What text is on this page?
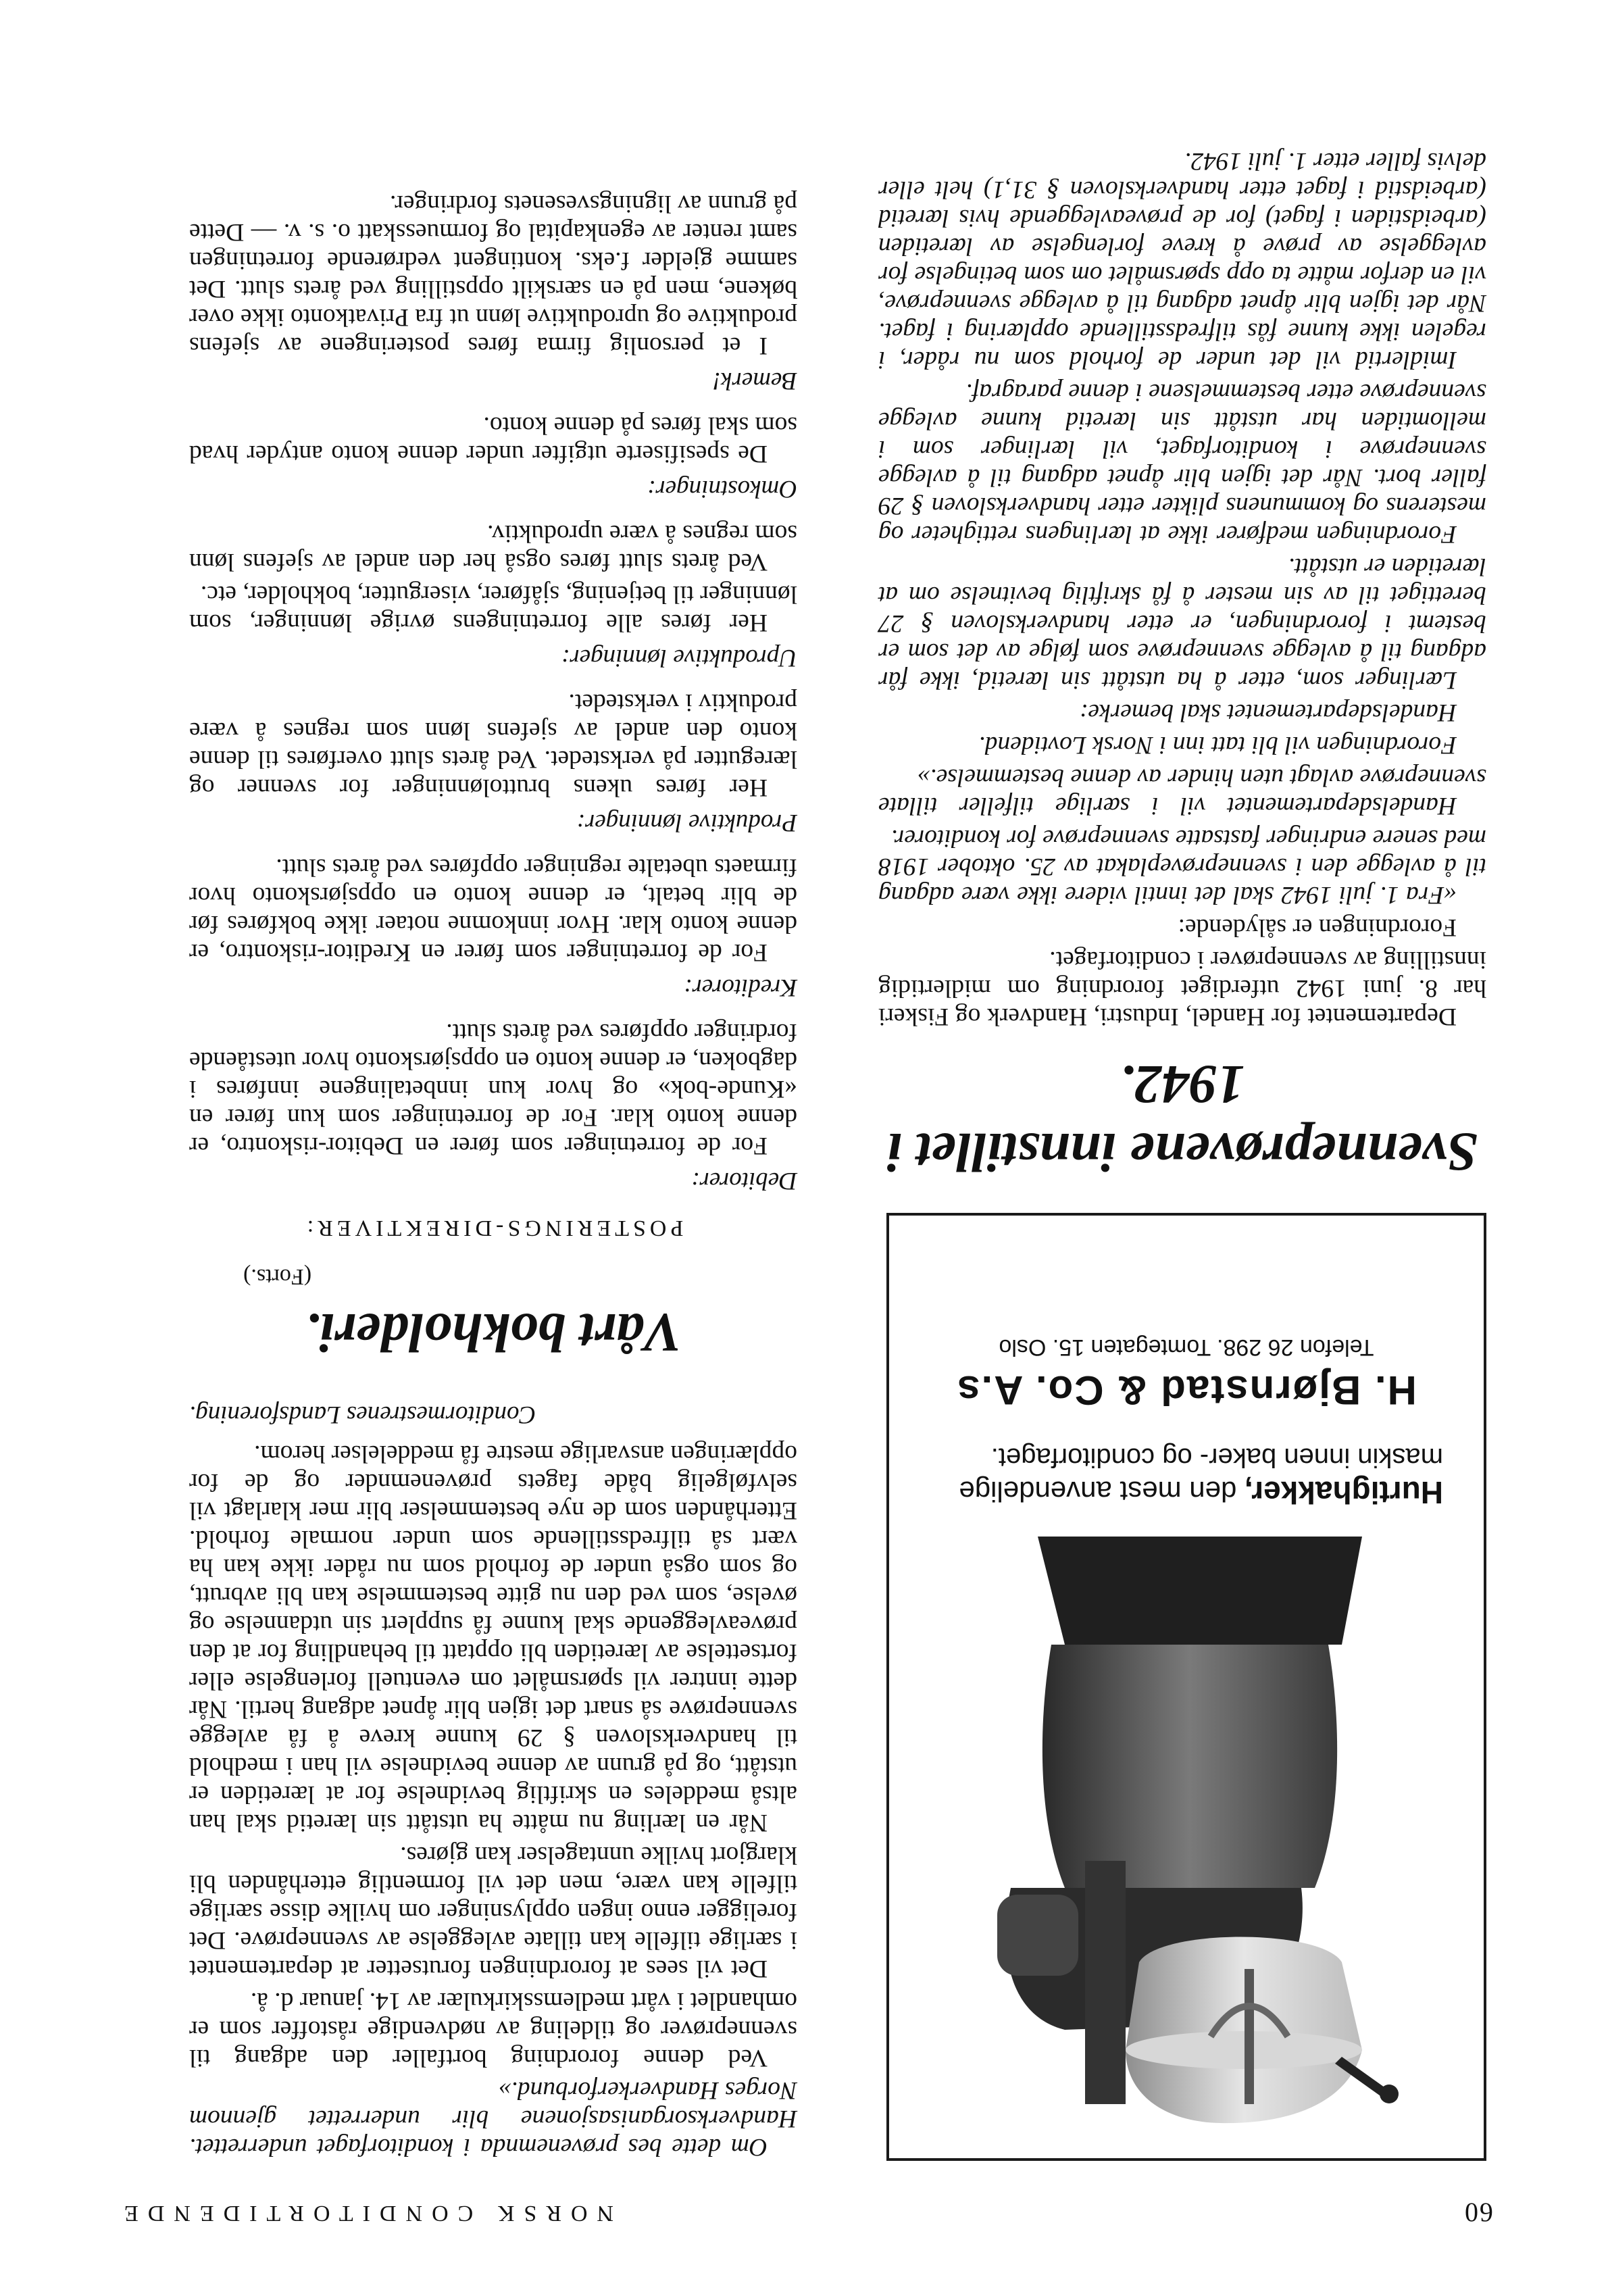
60
NORSK CONDITORTIDENDE
Hurtighakker, den mest anvendelige
maskin innen baker- og conditorfaget.
H. Bjørnstad & Co. A.s
Telefon 26 298. Tomtegaten 15. Oslo
Svenneprøvene innstillet i 1942.

Departementet for Handel, Industri, Handverk og Fiskeri har 8. juni 1942 utferdiget forordning om midlertidig innstilling av svenneprøver i conditorfaget.

Forordningen er sålydende:

«Fra 1. juli 1942 skal det inntil videre ikke være adgang til å avlegge den i svenneprøveplakat av 25. oktober 1918 med senere endringer fastsatte svenneprøve for konditorer.

Handelsdepartementet vil i særlige tilfeller tillate svenneprøve avlagt uten hinder av denne bestemmelse.»

Forordningen vil bli tatt inn i Norsk Lovtidend.

Handelsdepartementet skal bemerke:

Lærlinger som, etter å ha utstått sin læretid, ikke får adgang til å avlegge svenneprøve som følge av det som er bestemt i forordningen, er etter handverksloven § 27 berettiget til av sin mester å få skriftlig bevitnelse om at læretiden er utstått.

Forordningen medfører ikke at lærlingens rettigheter og mesterens og kommunens plikter etter handverksloven § 29 faller bort. Når det igjen blir åpnet adgang til å avlegge svenneprøve i konditorfaget, vil lærlinger som i mellomtiden har utstått sin læretid kunne avlegge svenneprøve etter bestemmelsene i denne paragraf.

Imidlertid vil det under de forhold som nu råder, i regelen ikke kunne fås tilfredsstillende opplæring i faget. Når det igjen blir åpnet adgang til å avlegge svenneprøve, vil en derfor måtte ta opp spørsmålet om som betingelse for avleggelse av prøve å kreve forlengelse av læretiden (arbeidstiden i faget) for de prøveavleggende hvis læretid (arbeidstid i faget etter handverksloven § 31,1) helt eller delvis faller etter 1. juli 1942.

Om dette bes prøvenemnda i konditorfaget underrettet. Handverksorganisasjonene blir underrettet gjennom Norges Handverkerforbund.»

Ved denne forordning bortfaller den adgang til svenneprøver og tildeling av nødvendige råstoffer som er omhandlet i vårt medlemsskirkulær av 14. januar d. å.

Det vil sees at forordningen forutsetter at departementet i særlige tilfelle kan tillate avleggelse av svenneprøve. Det foreligger enno ingen opplysninger om hvilke disse særlige tilfelle kan være, men det vil formentlig etterhånden bli klargjort hvilke unntagelser kan gjøres.

Når en lærling nu måtte ha utstått sin læretid skal han altså meddeles en skriftlig bevidnelse for at læretiden er utstått, og på grunn av denne bevidnelse vil han i medhold til handverksloven § 29 kunne kreve å få avlegge svenneprøve så snart det igjen blir åpnet adgang hertil. Når dette inntrer vil spørsmålet om eventuell forlengelse eller fortsettelse av læretiden bli opptatt til behandling for at den prøveavleggende skal kunne få supplert sin utdannelse og øvelse, som ved den nu gitte bestemmelse kan bli avbrutt, og som også under de forhold som nu råder ikke kan ha vært så tilfredsstillende som under normale forhold. Etterhånden som de nye bestemmelser blir mer klarlagt vil selvfølgelig både fagets prøvenemnder og de for opplæringen ansvarlige mestre få meddelelser herom.

Conditormestrenes Landsforening.

Vårt bokholderi.
(Forts.)
POSTERINGS-DIREKTIVER:
Debitorer:

For de forretninger som fører en Debitor-riskontro, er denne konto klar. For de forretninger som kun fører en «Kunde-bok» og hvor kun innbetalingene innføres i dagboken, er denne konto en oppsjørskonto hvor utestående fordringer oppføres ved årets slutt.

Kreditorer:

For de forretninger som fører en Kreditor-riskontro, er denne konto klar. Hvor innkomne notaer ikke bokføres før de blir betalt, er denne konto en oppsjørskonto hvor firmaets ubetalte regninger oppføres ved årets slutt.

Produktive lønninger:

Her føres ukens bruttolønninger for svenner og læregutter på verkstedet. Ved årets slutt overføres til denne konto den andel av sjefens lønn som regnes å være produktiv i verkstedet.

Uproduktive lønninger:

Her føres alle forretningens øvrige lønninger, som lønninger til betjening, sjåfører, visergutter, bokholder, etc.

Ved årets slutt føres også her den andel av sjefens lønn som regnes å være uproduktiv.

Omkostninger:

De spesifiserte utgifter under denne konto antyder hvad som skal føres på denne konto.

Bemerk!

I et personlig firma føres posteringene av sjefens produktive og uproduktive lønn ut fra Privatkonto ikke over bøkene, men på en særskilt oppstilling ved årets slutt. Det samme gjelder f.eks. kontingent vedrørende forretningen samt renter av egenkapital og formuesskatt o. s. v. — Dette på grunn av ligningsvesenets fordringer.
